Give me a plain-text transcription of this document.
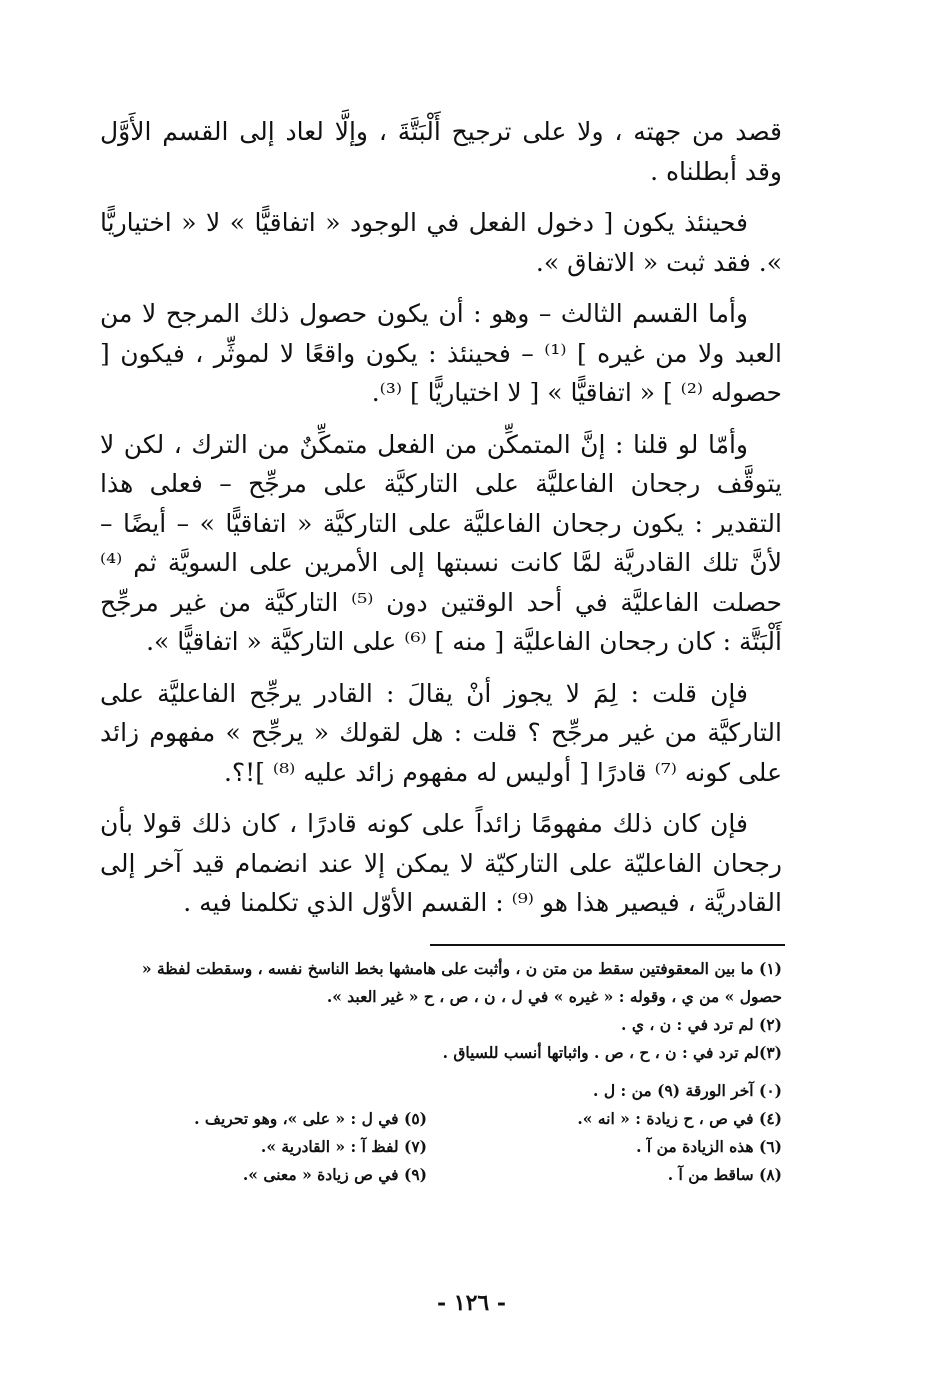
قصد من جهته ، ولا على ترجيح أَلْبَتَّةَ ، وإلَّا لعاد إلى القسم الأَوَّل وقد أبطلناه .

فحينئذ يكون [ دخول الفعل في الوجود « اتفاقيًّا » لا « اختياريًّا ». فقد ثبت « الاتفاق ».

وأما القسم الثالث – وهو : أن يكون حصول ذلك المرجح لا من العبد ولا من غيره ] ⁽¹⁾ – فحينئذ : يكون واقعًا لا لموثِّر ، فيكون [ حصوله ⁽²⁾ ] « اتفاقيًّا » [ لا اختياريًّا ] ⁽³⁾.

وأمّا لو قلنا : إنَّ المتمكِّن من الفعل متمكِّنٌ من الترك ، لكن لا يتوقَّف رجحان الفاعليَّة على التاركيَّة على مرجِّح – فعلى هذا التقدير : يكون رجحان الفاعليَّة على التاركيَّة « اتفاقيًّا » – أيضًا – لأنَّ تلك القادريَّة لمَّا كانت نسبتها إلى الأمرين على السويَّة ثم ⁽⁴⁾ حصلت الفاعليَّة في أحد الوقتين دون ⁽⁵⁾ التاركيَّة من غير مرجِّح أَلْبَتَّة : كان رجحان الفاعليَّة [ منه ] ⁽⁶⁾ على التاركيَّة « اتفاقيًّا ».

فإن قلت : لِمَ لا يجوز أنْ يقالَ : القادر يرجِّح الفاعليَّة على التاركيَّة من غير مرجِّح ؟ قلت : هل لقولك « يرجِّح » مفهوم زائد على كونه ⁽⁷⁾ قادرًا [ أوليس له مفهوم زائد عليه ⁽⁸⁾ ]!؟.

فإن كان ذلك مفهومًا زائداً على كونه قادرًا ، كان ذلك قولا بأن رجحان الفاعليّة على التاركيّة لا يمكن إلا عند انضمام قيد آخر إلى القادريَّة ، فيصير هذا هو ⁽⁹⁾ : القسم الأوّل الذي تكلمنا فيه .

(١) ما بين المعقوفتين سقط من متن ن ، وأثبت على هامشها بخط الناسخ نفسه ، وسقطت لفظة « حصول » من ي ، وقوله : « غيره » في ل ، ن ، ص ، ح « غير العبد ».

(٢) لم ترد في : ن ، ي .

(٣)لم ترد في : ن ، ح ، ص . واثباتها أنسب للسياق .

(٠) آخر الورقة (٩) من : ل .

(٤) في ص ، ح زيادة : « انه ».
(٥) في ل : « على »، وهو تحريف .
(٦) هذه الزيادة من آ .
(٧) لفظ آ : « القادرية ».
(٨) ساقط من آ .
(٩) في ص زيادة « معنى ».
- ١٢٦ -
